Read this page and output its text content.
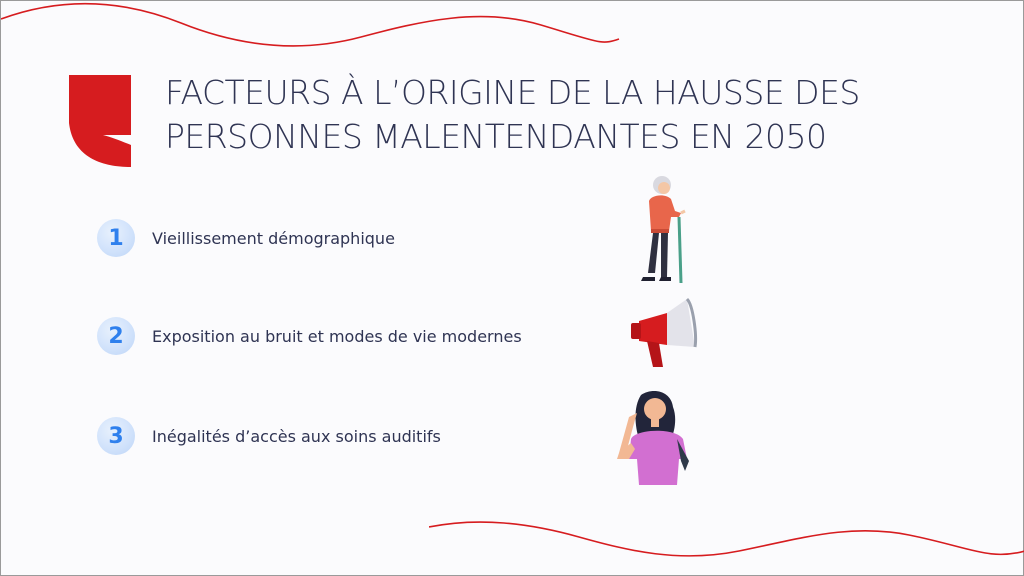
FACTEURS À L’ORIGINE DE LA HAUSSE DES
PERSONNES MALENTENDANTES EN 2050
1	Vieillissement démographique
2	Exposition au bruit et modes de vie modernes
3	Inégalités d’accès aux soins auditifs
